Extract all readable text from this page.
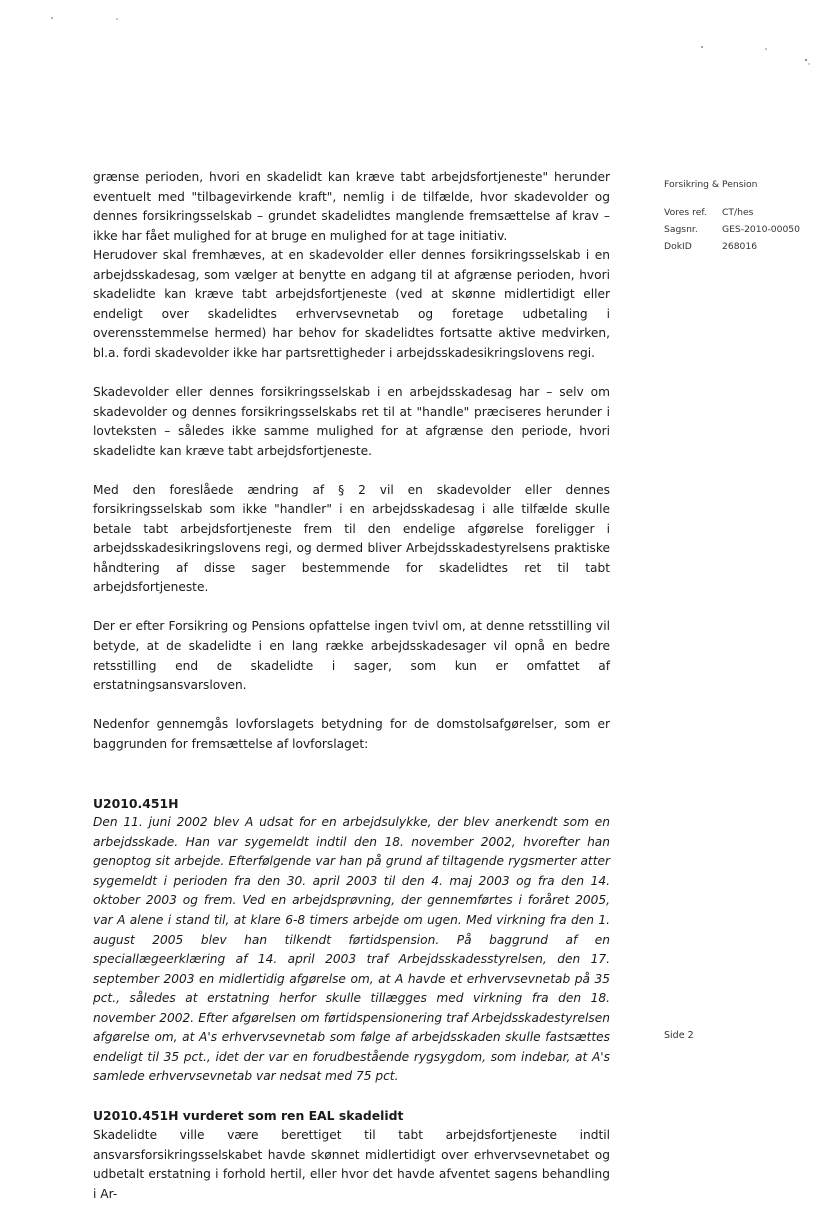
grænse perioden, hvori en skadelidt kan kræve tabt arbejdsfortjeneste" herunder eventuelt med "tilbagevirkende kraft", nemlig i de tilfælde, hvor skadevolder og dennes forsikringsselskab – grundet skadelidtes manglende fremsættelse af krav – ikke har fået mulighed for at bruge en mulighed for at tage initiativ.

Herudover skal fremhæves, at en skadevolder eller dennes forsikringsselskab i en arbejdsskadesag, som vælger at benytte en adgang til at afgrænse perioden, hvori skadelidte kan kræve tabt arbejdsfortjeneste (ved at skønne midlertidigt eller endeligt over skadelidtes erhvervsevnetab og foretage udbetaling i overensstemmelse hermed) har behov for skadelidtes fortsatte aktive medvirken, bl.a. fordi skadevolder ikke har partsrettigheder i arbejdsskadesikringslovens regi.

Skadevolder eller dennes forsikringsselskab i en arbejdsskadesag har – selv om skadevolder og dennes forsikringsselskabs ret til at "handle" præciseres herunder i lovteksten – således ikke samme mulighed for at afgrænse den periode, hvori skadelidte kan kræve tabt arbejdsfortjeneste.

Med den foreslåede ændring af § 2 vil en skadevolder eller dennes forsikringsselskab som ikke "handler" i en arbejdsskadesag i alle tilfælde skulle betale tabt arbejdsfortjeneste frem til den endelige afgørelse foreligger i arbejdsskadesikringslovens regi, og dermed bliver Arbejdsskadestyrelsens praktiske håndtering af disse sager bestemmende for skadelidtes ret til tabt arbejdsfortjeneste.

Der er efter Forsikring og Pensions opfattelse ingen tvivl om, at denne retsstilling vil betyde, at de skadelidte i en lang række arbejdsskadesager vil opnå en bedre retsstilling end de skadelidte i sager, som kun er omfattet af erstatningsansvarsloven.

Nedenfor gennemgås lovforslagets betydning for de domstolsafgørelser, som er baggrunden for fremsættelse af lovforslaget:

U2010.451H

Den 11. juni 2002 blev A udsat for en arbejdsulykke, der blev anerkendt som en arbejdsskade. Han var sygemeldt indtil den 18. november 2002, hvorefter han genoptog sit arbejde. Efterfølgende var han på grund af tiltagende rygsmerter atter sygemeldt i perioden fra den 30. april 2003 til den 4. maj 2003 og fra den 14. oktober 2003 og frem. Ved en arbejdsprøvning, der gennemførtes i foråret 2005, var A alene i stand til, at klare 6-8 timers arbejde om ugen. Med virkning fra den 1. august 2005 blev han tilkendt førtidspension. På baggrund af en speciallægeerklæring af 14. april 2003 traf Arbejdsskadesstyrelsen, den 17. september 2003 en midlertidig afgørelse om, at A havde et erhvervsevnetab på 35 pct., således at erstatning herfor skulle tillægges med virkning fra den 18. november 2002. Efter afgørelsen om førtidspensionering traf Arbejdsskadestyrelsen afgørelse om, at A's erhvervsevnetab som følge af arbejdsskaden skulle fastsættes endeligt til 35 pct., idet der var en forudbestående rygsygdom, som indebar, at A's samlede erhvervsevnetab var nedsat med 75 pct.

U2010.451H vurderet som ren EAL skadelidt

Skadelidte ville være berettiget til tabt arbejdsfortjeneste indtil ansvarsforsikringsselskabet havde skønnet midlertidigt over erhvervsevnetabet og udbetalt erstatning i forhold hertil, eller hvor det havde afventet sagens behandling i Ar-

Forsikring & Pension
Vores ref.	CT/hes
Sagsnr.	GES-2010-00050
DokID	268016
Side 2
